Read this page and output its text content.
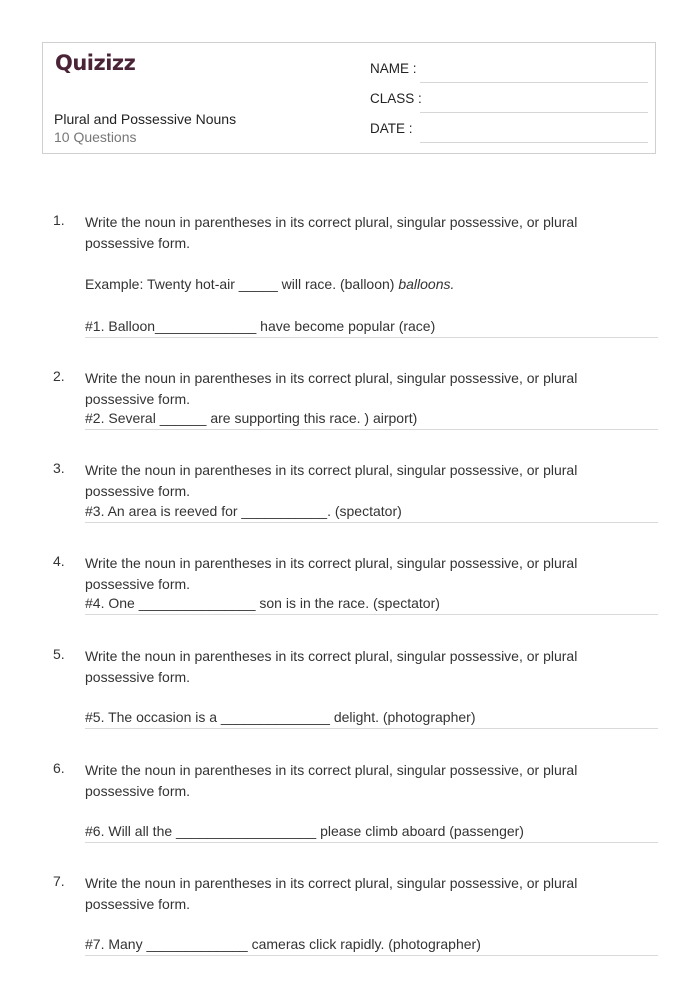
Quizizz
Plural and Possessive Nouns
10 Questions
NAME :
CLASS :
DATE :
1. Write the noun in parentheses in its correct plural, singular possessive, or plural possessive form.
Example: Twenty hot-air _____ will race. (balloon) balloons.
#1. Balloon_____________ have become popular (race)
2. Write the noun in parentheses in its correct plural, singular possessive, or plural possessive form.
#2. Several ______ are supporting this race. ) airport)
3. Write the noun in parentheses in its correct plural, singular possessive, or plural possessive form.
#3. An area is reeved for ___________. (spectator)
4. Write the noun in parentheses in its correct plural, singular possessive, or plural possessive form.
#4. One _______________ son is in the race. (spectator)
5. Write the noun in parentheses in its correct plural, singular possessive, or plural possessive form.
#5. The occasion is a ______________ delight. (photographer)
6. Write the noun in parentheses in its correct plural, singular possessive, or plural possessive form.
#6. Will all the __________________ please climb aboard (passenger)
7. Write the noun in parentheses in its correct plural, singular possessive, or plural possessive form.
#7. Many _____________ cameras click rapidly. (photographer)
